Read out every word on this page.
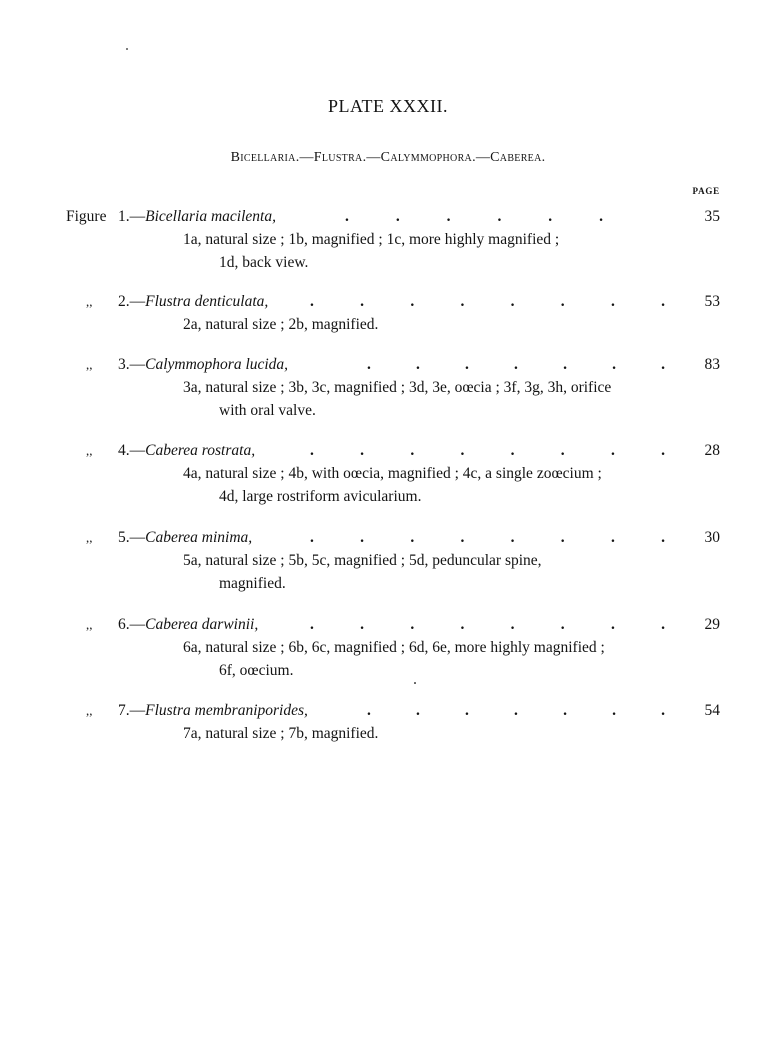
PLATE XXXII.
Bicellaria.—Flustra.—Calymmophora.—Caberea.
PAGE
Figure 1.—Bicellaria macilenta,	.	.	.	.	.	.	35
1a, natural size ; 1b, magnified ; 1c, more highly magnified ;
1d, back view.
,, 2.—Flustra denticulata,	.	.	.	.	.	.	.	.	53
2a, natural size ; 2b, magnified.
,, 3.—Calymmophora lucida,	.	.	.	.	.	.	.	83
3a, natural size ; 3b, 3c, magnified ; 3d, 3e, oœcia ; 3f, 3g, 3h, orifice
with oral valve.
,, 4.—Caberea rostrata,	.	.	.	.	.	.	.	.	28
4a, natural size ; 4b, with oœcia, magnified ; 4c, a single zoœcium ;
4d, large rostriform avicularium.
,, 5.—Caberea minima,	.	.	.	.	.	.	.	.	30
5a, natural size ; 5b, 5c, magnified ; 5d, peduncular spine,
magnified.
,, 6.—Caberea darwinii,	.	.	.	.	.	.	.	.	29
6a, natural size ; 6b, 6c, magnified ; 6d, 6e, more highly magnified ;
6f, oœcium.
,, 7.—Flustra membraniporides,	.	.	.	.	.	.	.	54
7a, natural size ; 7b, magnified.
